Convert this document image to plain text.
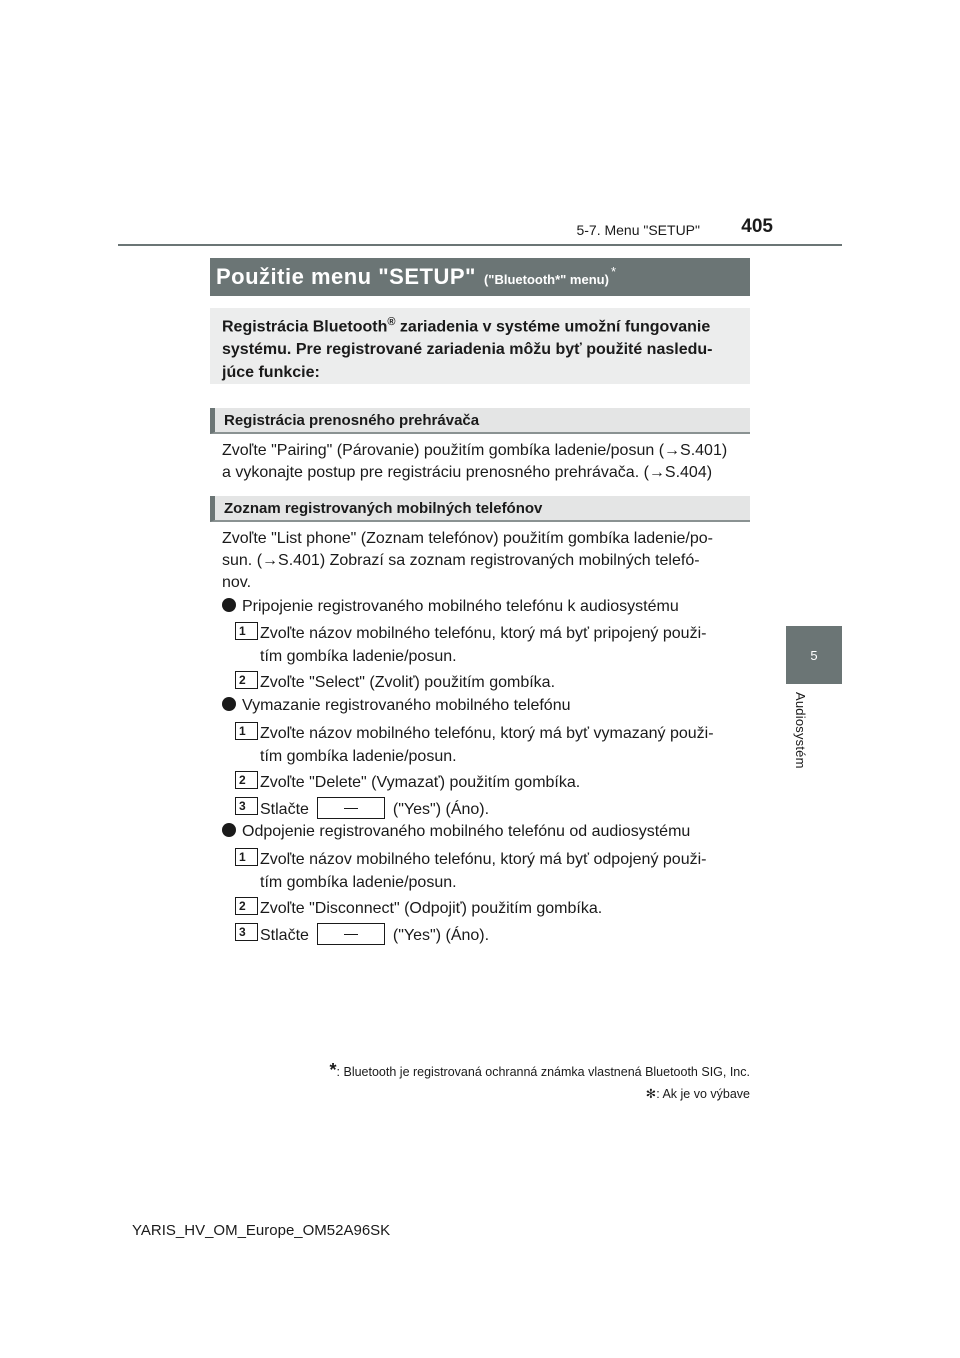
5-7. Menu "SETUP"	405
5
Audiosystém
Použitie menu "SETUP" ("Bluetooth*" menu)
*
Registrácia Bluetooth® zariadenia v systéme umožní fungovanie
systému. Pre registrované zariadenia môžu byť použité nasledu-
júce funkcie:
Registrácia prenosného prehrávača
Zvoľte "Pairing" (Párovanie) použitím gombíka ladenie/posun (→S.401)
a vykonajte postup pre registráciu prenosného prehrávača. (→S.404)
Zoznam registrovaných mobilných telefónov
Zvoľte "List phone" (Zoznam telefónov) použitím gombíka ladenie/po-
sun. (→S.401) Zobrazí sa zoznam registrovaných mobilných telefó-
nov.
Pripojenie registrovaného mobilného telefónu k audiosystému
1 Zvoľte názov mobilného telefónu, ktorý má byť pripojený použi-
tím gombíka ladenie/posun.
2 Zvoľte "Select" (Zvoliť) použitím gombíka.
Vymazanie registrovaného mobilného telefónu
1 Zvoľte názov mobilného telefónu, ktorý má byť vymazaný použi-
tím gombíka ladenie/posun.
2 Zvoľte "Delete" (Vymazať) použitím gombíka.
3 Stlačte	("Yes") (Áno).
Odpojenie registrovaného mobilného telefónu od audiosystému
1 Zvoľte názov mobilného telefónu, ktorý má byť odpojený použi-
tím gombíka ladenie/posun.
2 Zvoľte "Disconnect" (Odpojiť) použitím gombíka.
3 Stlačte	("Yes") (Áno).
*: Bluetooth je registrovaná ochranná známka vlastnená Bluetooth SIG, Inc.
✻: Ak je vo výbave
YARIS_HV_OM_Europe_OM52A96SK
